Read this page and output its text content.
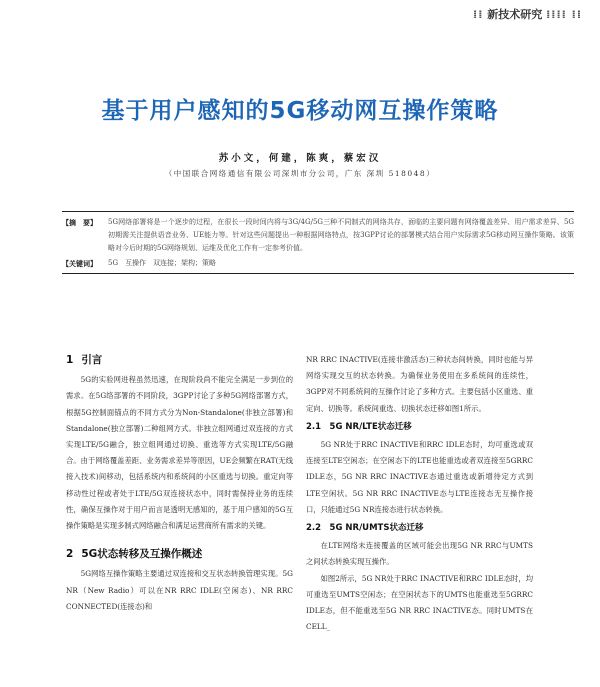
⁞⁞ 新技术研究 ⁞⁞⁞⁞ ⁞⁞
基于用户感知的5G移动网互操作策略
苏小文，何建，陈爽，蔡宏汉
（中国联合网络通信有限公司深圳市分公司，广东 深圳 518048）
【摘　要】	5G网络部署将是一个逐步的过程，在很长一段时间内将与3G/4G/5G三种不同制式的网络共存，面临的主要问题有网络覆盖差异、用户需求差异、5G初期需关注提供语音业务、UE能力等。针对这些问题提出一种根据网络特点，按3GPP讨论的部署模式结合用户实际需求5G移动网互操作策略。该策略对今后时期的5G网络规划、运维及优化工作有一定参考价值。
【关键词】	5G　互操作　双连接；架构；策略
1 引言

5G的实验网进程虽然迅速，在现阶段尚不能完全满足一步到位的需求。在5G络部署的不同阶段，3GPP讨论了多种5G网络部署方式，根据5G控制面锚点的不同方式分为Non-Standalone(非独立部署)和Standalone(独立部署)二种组网方式。非独立组网通过双连接的方式实现LTE/5G融合，独立组网通过切换、重选等方式实现LTE/5G融合。由于网络覆盖差距、业务需求差异等原因，UE会频繁在RAT(无线接入技术)间移动，包括系统内和系统间的小区重选与切换。重定向等移动性过程或者处于LTE/5G双连接状态中，同时需保持业务的连续性，确保互操作对于用户而言是透明无感知的，基于用户感知的5G互操作策略是实现多制式网络融合和满足运营商所有需求的关键。

2 5G状态转移及互操作概述

5G网络互操作策略主要通过双连接和交互状态转换管理实现。5G NR（New Radio）可以在NR RRC IDLE(空闲态)、NR RRC CONNECTED(连接态)和

NR RRC INACTIVE(连接非激活态)三种状态间转换，同时也能与异网络实现交互的状态转换。为确保业务使用在多系统间的连续性，3GPP对不同系统间的互操作讨论了多种方式。主要包括小区重选、重定向、切换等。系统间重选、切换状态迁移如图1所示。

2.1　5G NR/LTE状态迁移

5G NR处于RRC INACTIVE和RRC IDLE态时，均可重选或双连接至LTE空闲态；在空闲态下的LTE也能重选或者双连接至5GRRC IDLE态，5G NR RRC INACTIVE态通过重选或新增待定方式到LTE空闲状。5G NR RRC INACTIVE态与LTE连接态无互操作接口，只能通过5G NR连接态进行状态转换。

2.2　5G NR/UMTS状态迁移

在LTE网络未连接覆盖的区域可能会出现5G NR RRC与UMTS之间状态转换实现互操作。

如图2所示，5G NR处于RRC INACTIVE和RRC IDLE态时，均可重选至UMTS空闲态；在空闲状态下的UMTS也能重选至5GRRC IDLE态，但不能重选至5G NR RRC INACTIVE态。同时UMTS在CELL_
